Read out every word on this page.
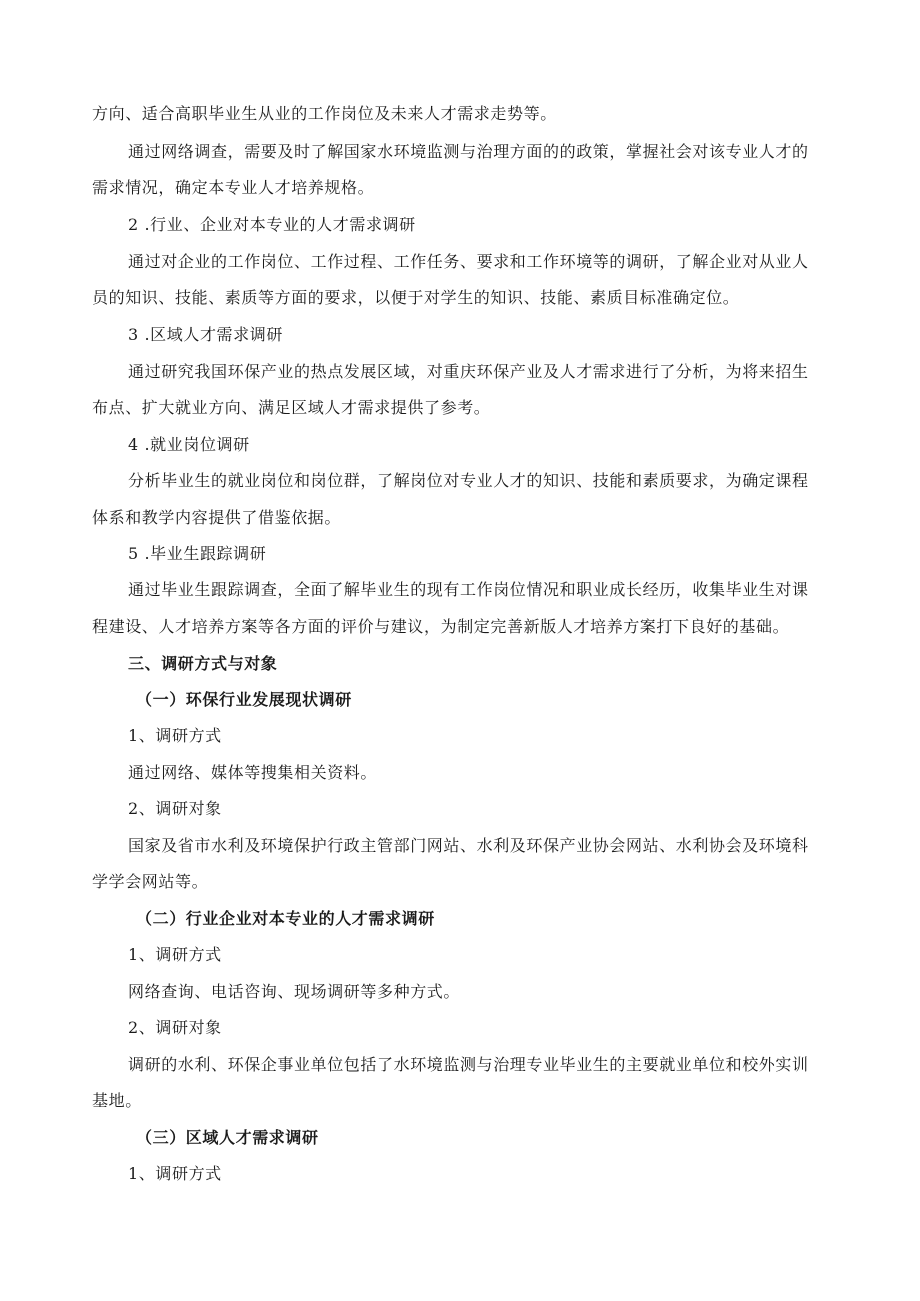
方向、适合高职毕业生从业的工作岗位及未来人才需求走势等。
通过网络调查，需要及时了解国家水环境监测与治理方面的的政策，掌握社会对该专业人才的
需求情况，确定本专业人才培养规格。
2 .行业、企业对本专业的人才需求调研
通过对企业的工作岗位、工作过程、工作任务、要求和工作环境等的调研，了解企业对从业人
员的知识、技能、素质等方面的要求，以便于对学生的知识、技能、素质目标准确定位。
3 .区域人才需求调研
通过研究我国环保产业的热点发展区域，对重庆环保产业及人才需求进行了分析，为将来招生
布点、扩大就业方向、满足区域人才需求提供了参考。
4 .就业岗位调研
分析毕业生的就业岗位和岗位群，了解岗位对专业人才的知识、技能和素质要求，为确定课程
体系和教学内容提供了借鉴依据。
5 .毕业生跟踪调研
通过毕业生跟踪调查，全面了解毕业生的现有工作岗位情况和职业成长经历，收集毕业生对课
程建设、人才培养方案等各方面的评价与建议，为制定完善新版人才培养方案打下良好的基础。
三、调研方式与对象
（一）环保行业发展现状调研
1、调研方式
通过网络、媒体等搜集相关资料。
2、调研对象
国家及省市水利及环境保护行政主管部门网站、水利及环保产业协会网站、水利协会及环境科
学学会网站等。
（二）行业企业对本专业的人才需求调研
1、调研方式
网络查询、电话咨询、现场调研等多种方式。
2、调研对象
调研的水利、环保企事业单位包括了水环境监测与治理专业毕业生的主要就业单位和校外实训
基地。
（三）区域人才需求调研
1、调研方式
